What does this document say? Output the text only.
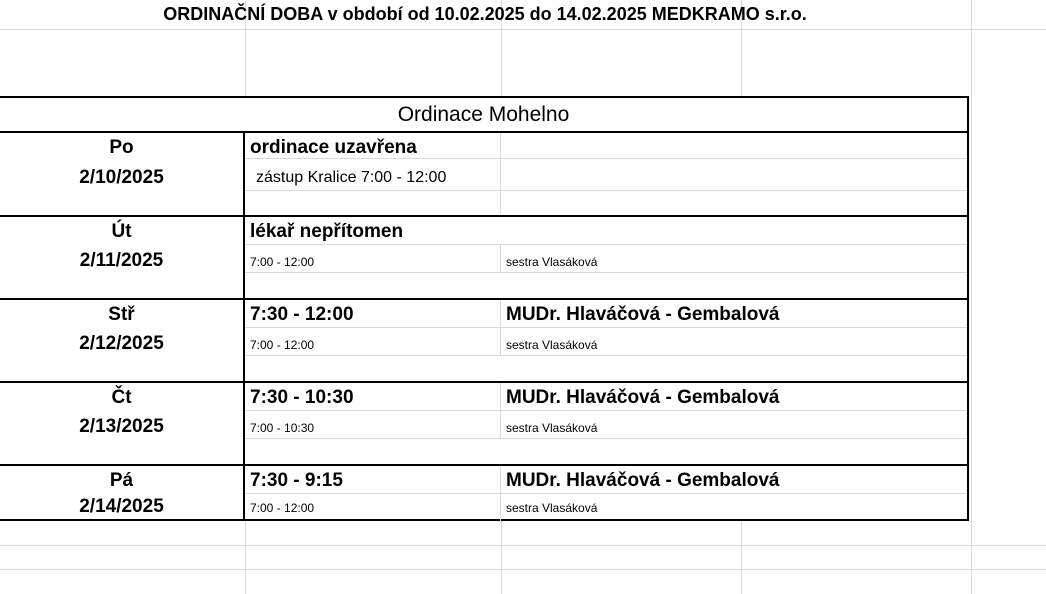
ORDINAČNÍ DOBA v období od 10.02.2025 do 14.02.2025 MEDKRAMO s.r.o.
Ordinace Mohelno
Po
2/10/2025
ordinace uzavřena
zástup Kralice 7:00 - 12:00
Út
2/11/2025
lékař nepřítomen
7:00 - 12:00	sestra Vlasáková
Stř
2/12/2025
7:30 - 12:00	MUDr. Hlaváčová - Gembalová
7:00 - 12:00	sestra Vlasáková
Čt
2/13/2025
7:30 - 10:30	MUDr. Hlaváčová - Gembalová
7:00 - 10:30	sestra Vlasáková
Pá
2/14/2025
7:30 - 9:15	MUDr. Hlaváčová - Gembalová
7:00 - 12:00	sestra Vlasáková
